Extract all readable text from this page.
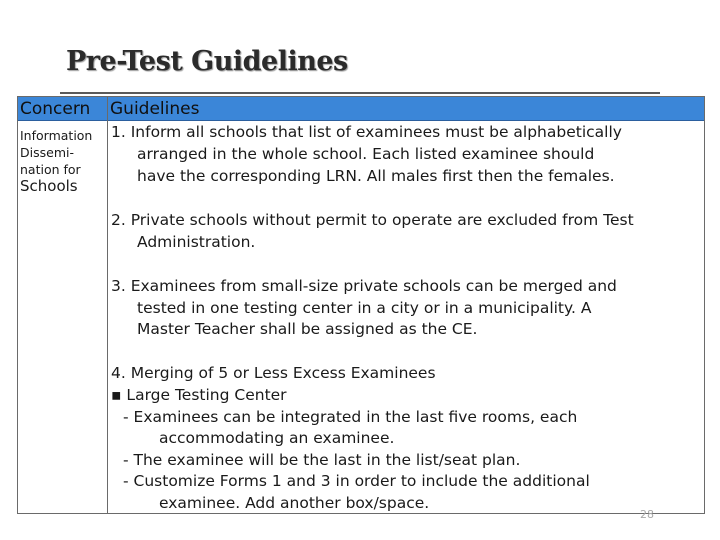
Pre-Test Guidelines
Concern Guidelines
Information
Dissemi-
nation for
Schools
1. Inform all schools that list of examinees must be alphabetically
arranged in the whole school. Each listed examinee should
have the corresponding LRN. All males first then the females.
2. Private schools without permit to operate are excluded from Test
Administration.
3. Examinees from small-size private schools can be merged and
tested in one testing center in a city or in a municipality. A
Master Teacher shall be assigned as the CE.
4. Merging of 5 or Less Excess Examinees
▪ Large Testing Center
- Examinees can be integrated in the last five rooms, each
accommodating an examinee.
- The examinee will be the last in the list/seat plan.
- Customize Forms 1 and 3 in order to include the additional
examinee. Add another box/space.
28
